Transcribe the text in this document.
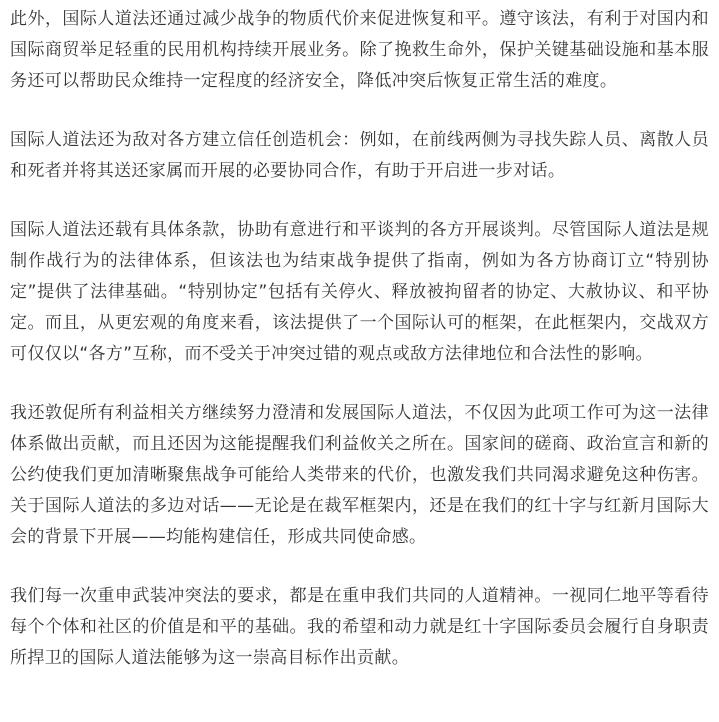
此外，国际人道法还通过减少战争的物质代价来促进恢复和平。遵守该法，有利于对国内和国际商贸举足轻重的民用机构持续开展业务。除了挽救生命外，保护关键基础设施和基本服务还可以帮助民众维持一定程度的经济安全，降低冲突后恢复正常生活的难度。

国际人道法还为敌对各方建立信任创造机会：例如，在前线两侧为寻找失踪人员、离散人员和死者并将其送还家属而开展的必要协同合作，有助于开启进一步对话。

国际人道法还载有具体条款，协助有意进行和平谈判的各方开展谈判。尽管国际人道法是规制作战行为的法律体系，但该法也为结束战争提供了指南，例如为各方协商订立“特别协定”提供了法律基础。“特别协定”包括有关停火、释放被拘留者的协定、大赦协议、和平协定。而且，从更宏观的角度来看，该法提供了一个国际认可的框架，在此框架内，交战双方可仅仅以“各方”互称，而不受关于冲突过错的观点或敌方法律地位和合法性的影响。

我还敦促所有利益相关方继续努力澄清和发展国际人道法，不仅因为此项工作可为这一法律体系做出贡献，而且还因为这能提醒我们利益攸关之所在。国家间的磋商、政治宣言和新的公约使我们更加清晰聚焦战争可能给人类带来的代价，也激发我们共同渴求避免这种伤害。关于国际人道法的多边对话——无论是在裁军框架内，还是在我们的红十字与红新月国际大会的背景下开展——均能构建信任，形成共同使命感。

我们每一次重申武装冲突法的要求，都是在重申我们共同的人道精神。一视同仁地平等看待每个个体和社区的价值是和平的基础。我的希望和动力就是红十字国际委员会履行自身职责所捍卫的国际人道法能够为这一崇高目标作出贡献。
